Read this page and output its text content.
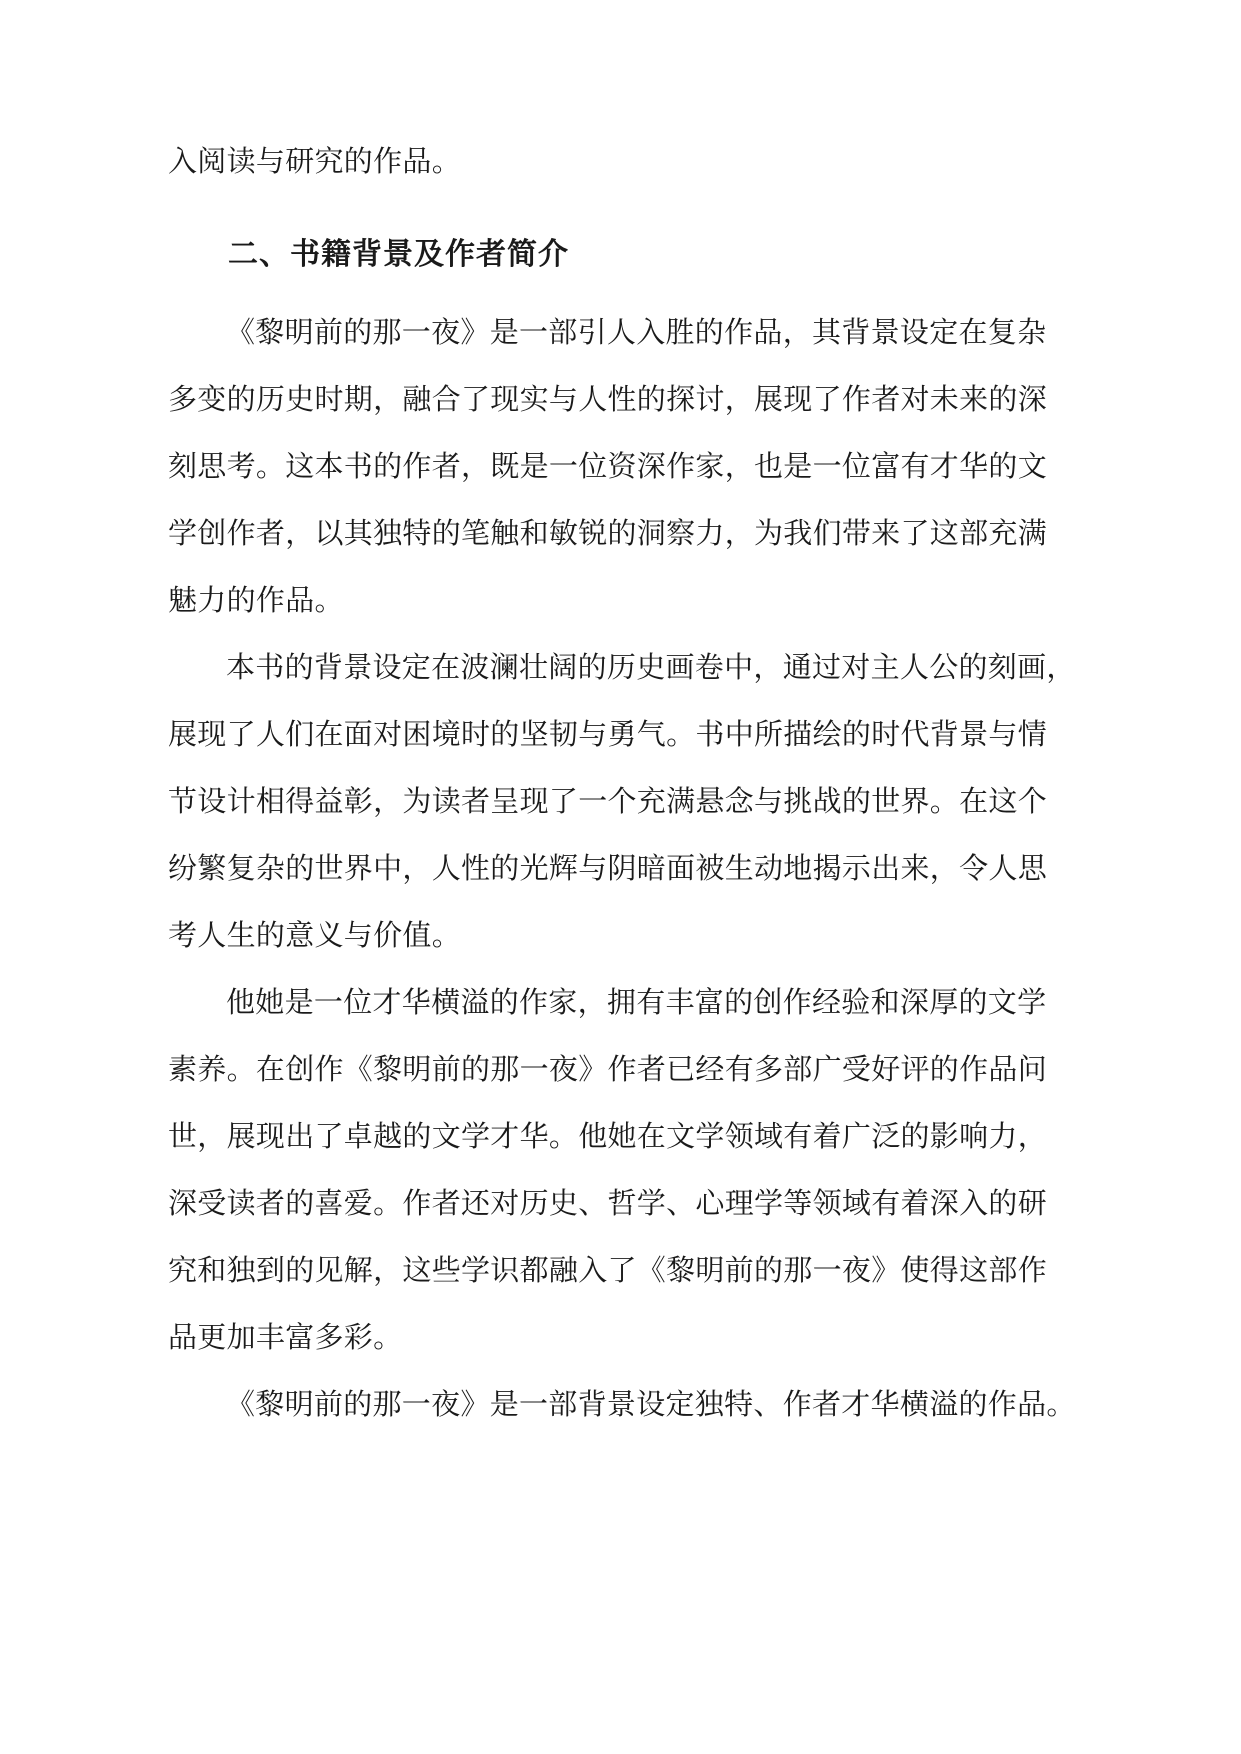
入阅读与研究的作品。
二、书籍背景及作者简介
《黎明前的那一夜》是一部引人入胜的作品，其背景设定在复杂
多变的历史时期，融合了现实与人性的探讨，展现了作者对未来的深
刻思考。这本书的作者，既是一位资深作家，也是一位富有才华的文
学创作者，以其独特的笔触和敏锐的洞察力，为我们带来了这部充满
魅力的作品。
本书的背景设定在波澜壮阔的历史画卷中，通过对主人公的刻画，
展现了人们在面对困境时的坚韧与勇气。书中所描绘的时代背景与情
节设计相得益彰，为读者呈现了一个充满悬念与挑战的世界。在这个
纷繁复杂的世界中，人性的光辉与阴暗面被生动地揭示出来，令人思
考人生的意义与价值。
他她是一位才华横溢的作家，拥有丰富的创作经验和深厚的文学
素养。在创作《黎明前的那一夜》作者已经有多部广受好评的作品问
世，展现出了卓越的文学才华。他她在文学领域有着广泛的影响力，
深受读者的喜爱。作者还对历史、哲学、心理学等领域有着深入的研
究和独到的见解，这些学识都融入了《黎明前的那一夜》使得这部作
品更加丰富多彩。
《黎明前的那一夜》是一部背景设定独特、作者才华横溢的作品。
